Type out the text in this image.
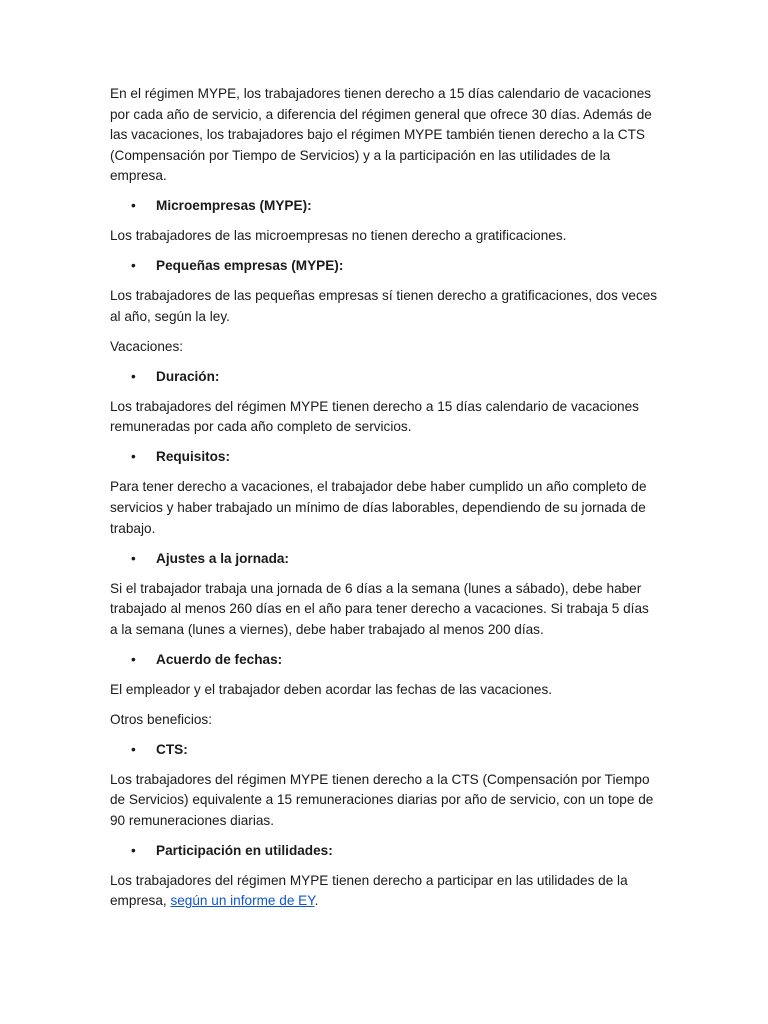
En el régimen MYPE, los trabajadores tienen derecho a 15 días calendario de vacaciones por cada año de servicio, a diferencia del régimen general que ofrece 30 días. Además de las vacaciones, los trabajadores bajo el régimen MYPE también tienen derecho a la CTS (Compensación por Tiempo de Servicios) y a la participación en las utilidades de la empresa.

• Microempresas (MYPE):

Los trabajadores de las microempresas no tienen derecho a gratificaciones.

• Pequeñas empresas (MYPE):

Los trabajadores de las pequeñas empresas sí tienen derecho a gratificaciones, dos veces al año, según la ley.

Vacaciones:

• Duración:

Los trabajadores del régimen MYPE tienen derecho a 15 días calendario de vacaciones remuneradas por cada año completo de servicios.

• Requisitos:

Para tener derecho a vacaciones, el trabajador debe haber cumplido un año completo de servicios y haber trabajado un mínimo de días laborables, dependiendo de su jornada de trabajo.

• Ajustes a la jornada:

Si el trabajador trabaja una jornada de 6 días a la semana (lunes a sábado), debe haber trabajado al menos 260 días en el año para tener derecho a vacaciones. Si trabaja 5 días a la semana (lunes a viernes), debe haber trabajado al menos 200 días.

• Acuerdo de fechas:

El empleador y el trabajador deben acordar las fechas de las vacaciones.

Otros beneficios:

• CTS:

Los trabajadores del régimen MYPE tienen derecho a la CTS (Compensación por Tiempo de Servicios) equivalente a 15 remuneraciones diarias por año de servicio, con un tope de 90 remuneraciones diarias.

• Participación en utilidades:

Los trabajadores del régimen MYPE tienen derecho a participar en las utilidades de la empresa, según un informe de EY.
